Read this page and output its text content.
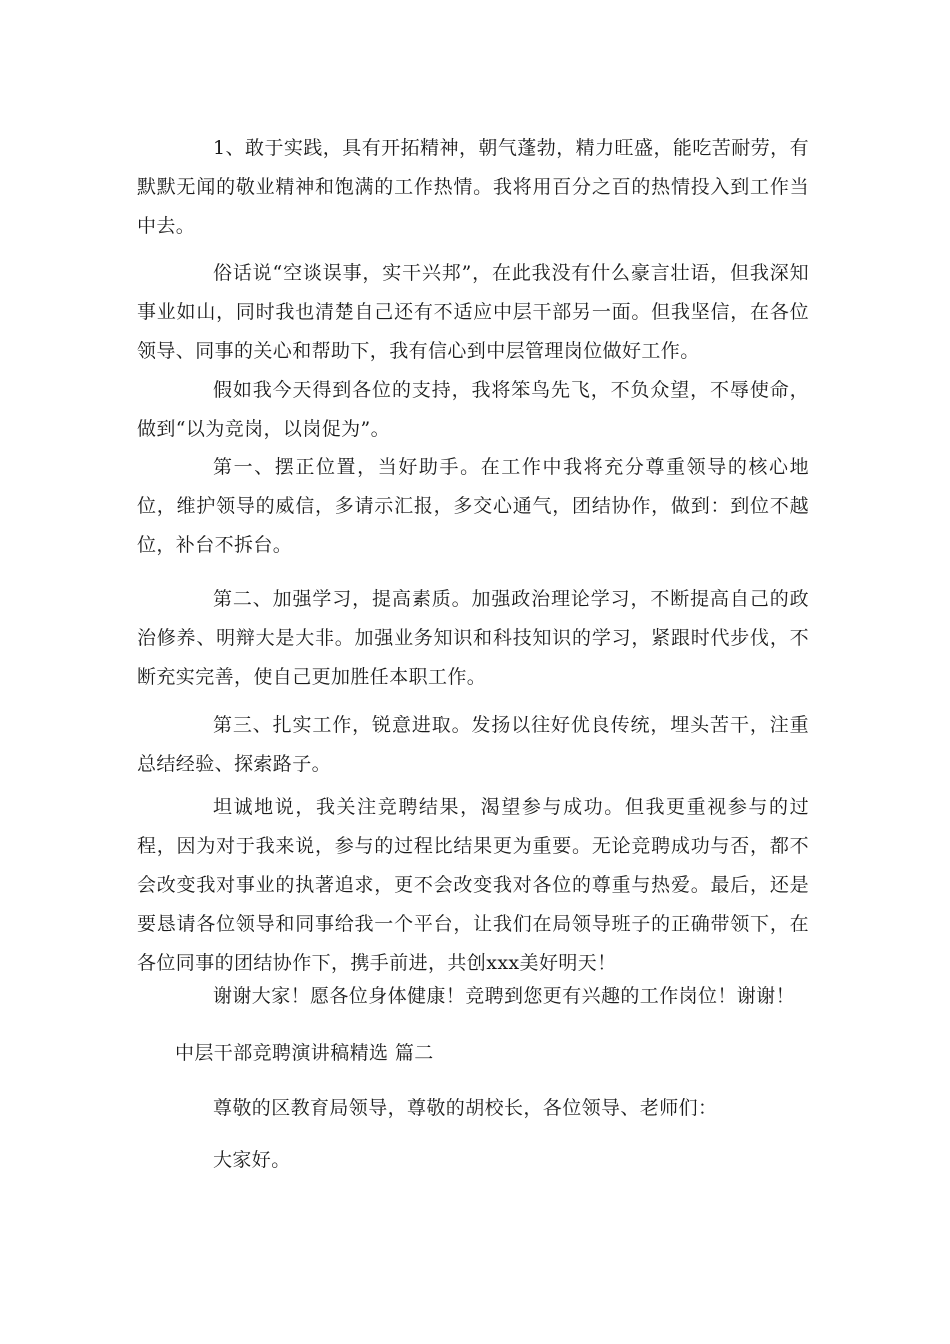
1、敢于实践，具有开拓精神，朝气蓬勃，精力旺盛，能吃苦耐劳，有默默无闻的敬业精神和饱满的工作热情。我将用百分之百的热情投入到工作当中去。

俗话说“空谈误事，实干兴邦”，在此我没有什么豪言壮语，但我深知事业如山，同时我也清楚自己还有不适应中层干部另一面。但我坚信，在各位领导、同事的关心和帮助下，我有信心到中层管理岗位做好工作。

假如我今天得到各位的支持，我将笨鸟先飞，不负众望，不辱使命，做到“以为竞岗，以岗促为”。

第一、摆正位置，当好助手。在工作中我将充分尊重领导的核心地位，维护领导的威信，多请示汇报，多交心通气，团结协作，做到：到位不越位，补台不拆台。

第二、加强学习，提高素质。加强政治理论学习，不断提高自己的政治修养、明辩大是大非。加强业务知识和科技知识的学习，紧跟时代步伐，不断充实完善，使自己更加胜任本职工作。

第三、扎实工作，锐意进取。发扬以往好优良传统，埋头苦干，注重总结经验、探索路子。

坦诚地说，我关注竞聘结果，渴望参与成功。但我更重视参与的过程，因为对于我来说，参与的过程比结果更为重要。无论竞聘成功与否，都不会改变我对事业的执著追求，更不会改变我对各位的尊重与热爱。最后，还是要恳请各位领导和同事给我一个平台，让我们在局领导班子的正确带领下，在各位同事的团结协作下，携手前进，共创xxx美好明天！

谢谢大家！愿各位身体健康！竞聘到您更有兴趣的工作岗位！谢谢！

中层干部竞聘演讲稿精选 篇二

尊敬的区教育局领导，尊敬的胡校长，各位领导、老师们：

大家好。
